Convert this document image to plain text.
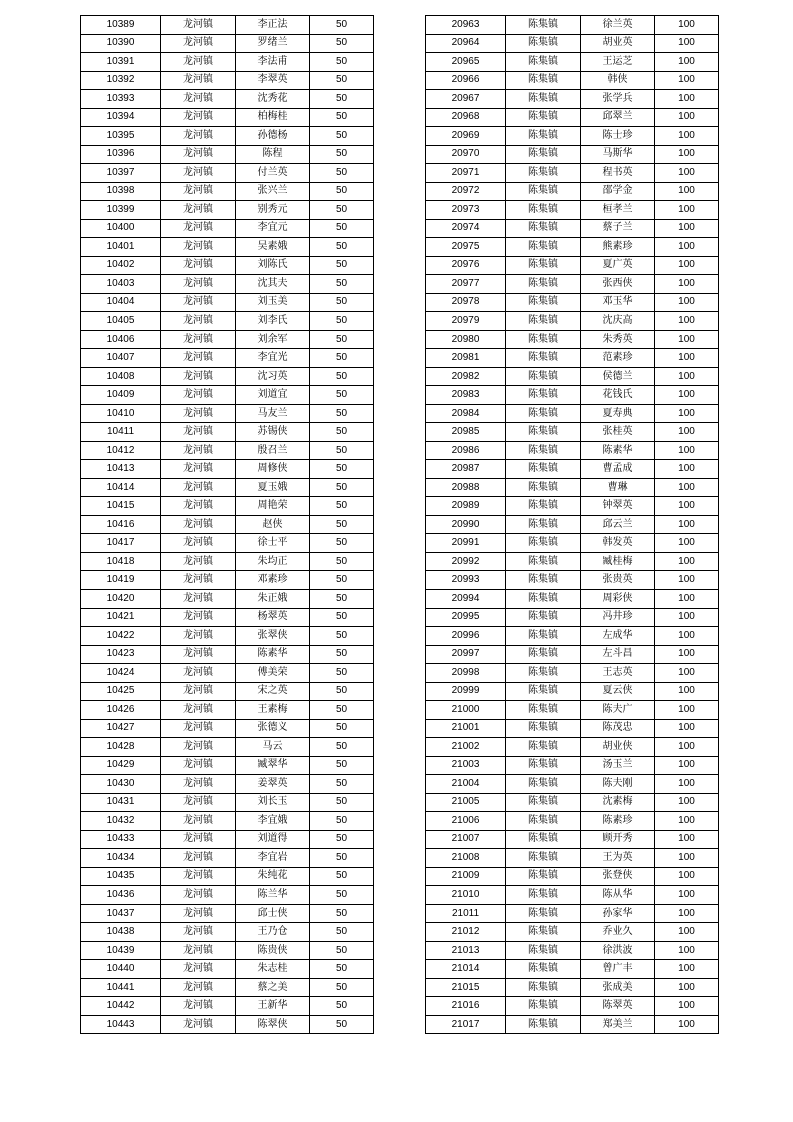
10389	龙河镇	李正法	50
10390	龙河镇	罗绪兰	50
10391	龙河镇	李法甫	50
10392	龙河镇	李翠英	50
10393	龙河镇	沈秀花	50
10394	龙河镇	柏梅桂	50
10395	龙河镇	孙德杨	50
10396	龙河镇	陈程	50
10397	龙河镇	付兰英	50
10398	龙河镇	张兴兰	50
10399	龙河镇	别秀元	50
10400	龙河镇	李宜元	50
10401	龙河镇	吴素娥	50
10402	龙河镇	刘陈氏	50
10403	龙河镇	沈其夫	50
10404	龙河镇	刘玉美	50
10405	龙河镇	刘李氏	50
10406	龙河镇	刘余军	50
10407	龙河镇	李宜光	50
10408	龙河镇	沈习英	50
10409	龙河镇	刘道宜	50
10410	龙河镇	马友兰	50
10411	龙河镇	苏锡侠	50
10412	龙河镇	殷召兰	50
10413	龙河镇	周修侠	50
10414	龙河镇	夏玉娥	50
10415	龙河镇	周艳荣	50
10416	龙河镇	赵侠	50
10417	龙河镇	徐士平	50
10418	龙河镇	朱均正	50
10419	龙河镇	邓素珍	50
10420	龙河镇	朱正娥	50
10421	龙河镇	杨翠英	50
10422	龙河镇	张翠侠	50
10423	龙河镇	陈素华	50
10424	龙河镇	傅美荣	50
10425	龙河镇	宋之英	50
10426	龙河镇	王素梅	50
10427	龙河镇	张德义	50
10428	龙河镇	马云	50
10429	龙河镇	臧翠华	50
10430	龙河镇	姜翠英	50
10431	龙河镇	刘长玉	50
10432	龙河镇	李宜娥	50
10433	龙河镇	刘道得	50
10434	龙河镇	李宜岩	50
10435	龙河镇	朱纯花	50
10436	龙河镇	陈兰华	50
10437	龙河镇	邱士侠	50
10438	龙河镇	王乃仓	50
10439	龙河镇	陈贵侠	50
10440	龙河镇	朱志桂	50
10441	龙河镇	蔡之美	50
10442	龙河镇	王新华	50
10443	龙河镇	陈翠侠	50
20963	陈集镇	徐兰英	100
20964	陈集镇	胡业英	100
20965	陈集镇	王运芝	100
20966	陈集镇	韩侠	100
20967	陈集镇	张学兵	100
20968	陈集镇	邱翠兰	100
20969	陈集镇	陈士珍	100
20970	陈集镇	马斯华	100
20971	陈集镇	程书英	100
20972	陈集镇	邵学金	100
20973	陈集镇	桓孝兰	100
20974	陈集镇	蔡子兰	100
20975	陈集镇	熊素珍	100
20976	陈集镇	夏广英	100
20977	陈集镇	张西侠	100
20978	陈集镇	邓玉华	100
20979	陈集镇	沈庆高	100
20980	陈集镇	朱秀英	100
20981	陈集镇	范素珍	100
20982	陈集镇	侯德兰	100
20983	陈集镇	花钱氏	100
20984	陈集镇	夏寿典	100
20985	陈集镇	张桂英	100
20986	陈集镇	陈素华	100
20987	陈集镇	曹孟成	100
20988	陈集镇	曹琳	100
20989	陈集镇	钟翠英	100
20990	陈集镇	邱云兰	100
20991	陈集镇	韩发英	100
20992	陈集镇	臧桂梅	100
20993	陈集镇	张贵英	100
20994	陈集镇	周彩侠	100
20995	陈集镇	冯井珍	100
20996	陈集镇	左成华	100
20997	陈集镇	左斗昌	100
20998	陈集镇	王志英	100
20999	陈集镇	夏云侠	100
21000	陈集镇	陈夫广	100
21001	陈集镇	陈茂忠	100
21002	陈集镇	胡业侠	100
21003	陈集镇	汤玉兰	100
21004	陈集镇	陈夫刚	100
21005	陈集镇	沈素梅	100
21006	陈集镇	陈素珍	100
21007	陈集镇	顾开秀	100
21008	陈集镇	王为英	100
21009	陈集镇	张登侠	100
21010	陈集镇	陈从华	100
21011	陈集镇	孙家华	100
21012	陈集镇	乔业久	100
21013	陈集镇	徐洪波	100
21014	陈集镇	曾广丰	100
21015	陈集镇	张成美	100
21016	陈集镇	陈翠英	100
21017	陈集镇	郑美兰	100
